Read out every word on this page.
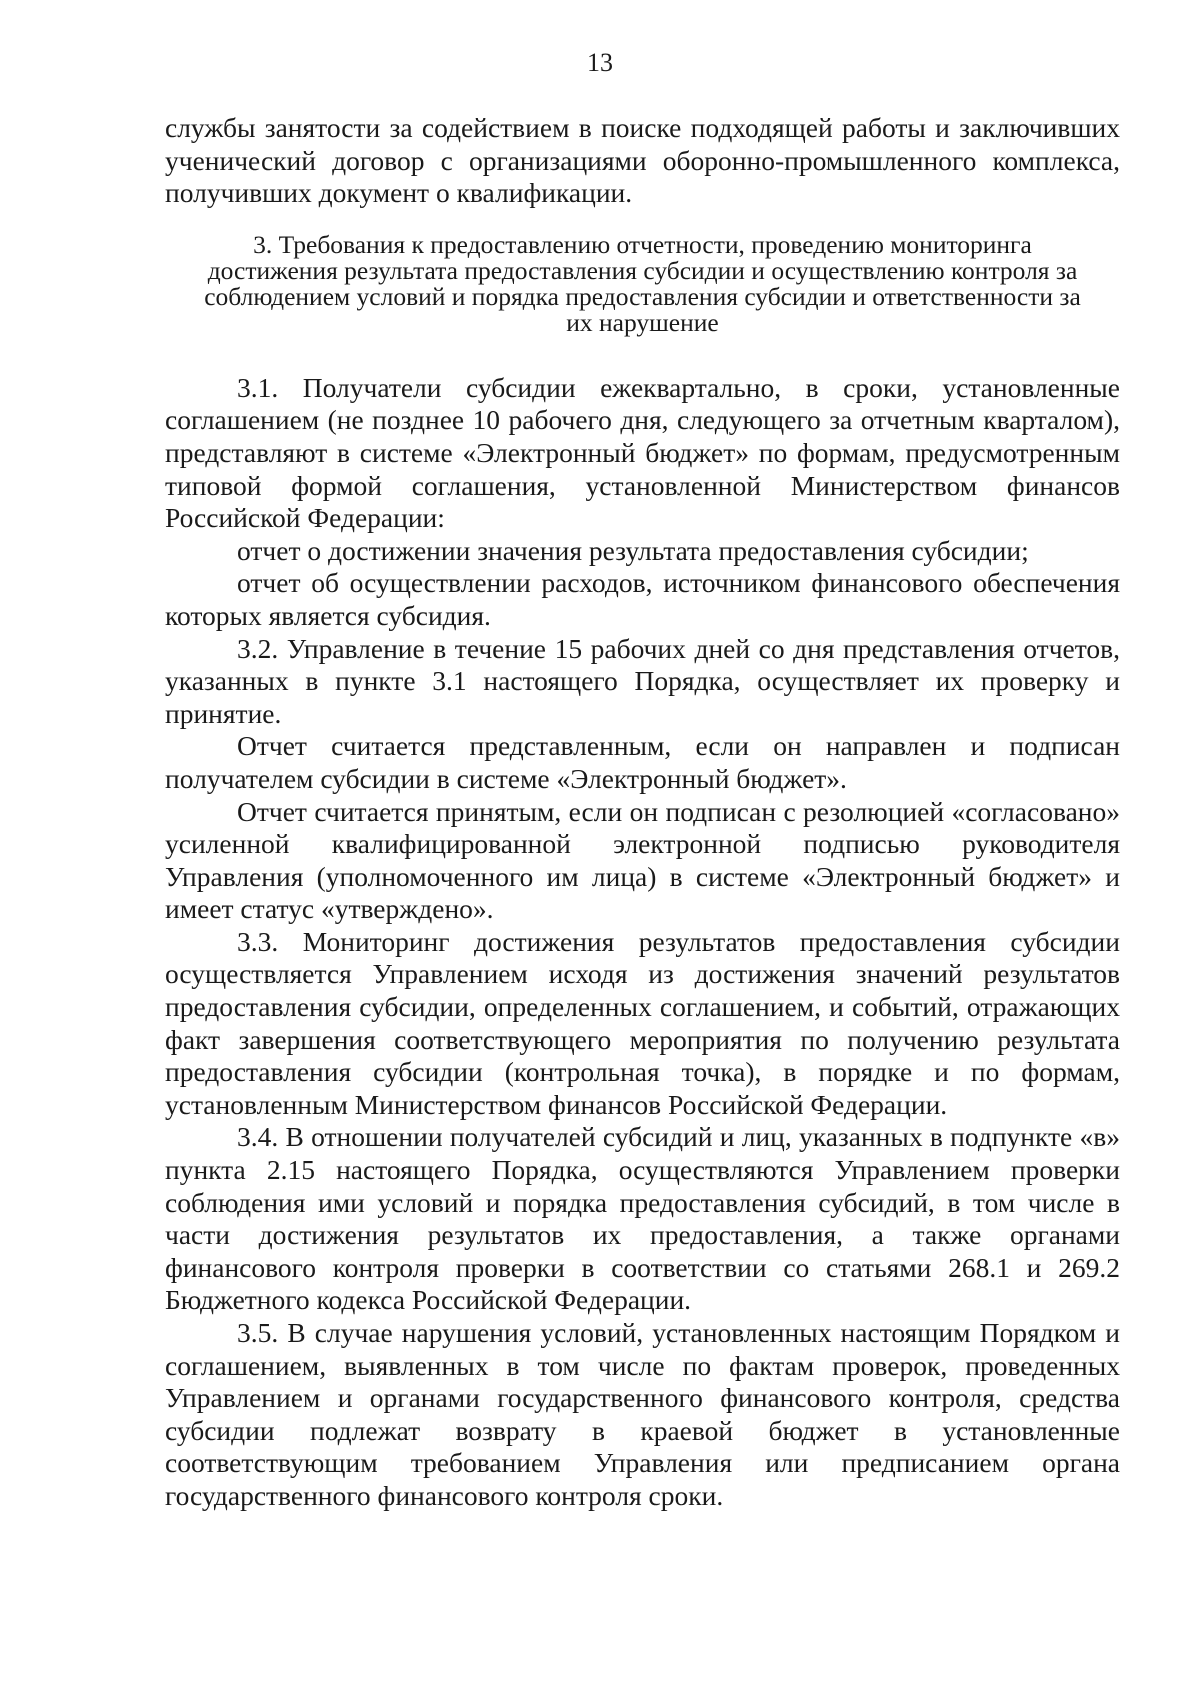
13

службы занятости за содействием в поиске подходящей работы и заключивших ученический договор с организациями оборонно-промышленного комплекса, получивших документ о квалификации.

3. Требования к предоставлению отчетности, проведению мониторинга достижения результата предоставления субсидии и осуществлению контроля за соблюдением условий и порядка предоставления субсидии и ответственности за их нарушение

3.1. Получатели субсидии ежеквартально, в сроки, установленные соглашением (не позднее 10 рабочего дня, следующего за отчетным кварталом), представляют в системе «Электронный бюджет» по формам, предусмотренным типовой формой соглашения, установленной Министерством финансов Российской Федерации:

отчет о достижении значения результата предоставления субсидии;

отчет об осуществлении расходов, источником финансового обеспечения которых является субсидия.

3.2. Управление в течение 15 рабочих дней со дня представления отчетов, указанных в пункте 3.1 настоящего Порядка, осуществляет их проверку и принятие.

Отчет считается представленным, если он направлен и подписан получателем субсидии в системе «Электронный бюджет».

Отчет считается принятым, если он подписан с резолюцией «согласовано» усиленной квалифицированной электронной подписью руководителя Управления (уполномоченного им лица) в системе «Электронный бюджет» и имеет статус «утверждено».

3.3. Мониторинг достижения результатов предоставления субсидии осуществляется Управлением исходя из достижения значений результатов предоставления субсидии, определенных соглашением, и событий, отражающих факт завершения соответствующего мероприятия по получению результата предоставления субсидии (контрольная точка), в порядке и по формам, установленным Министерством финансов Российской Федерации.

3.4. В отношении получателей субсидий и лиц, указанных в подпункте «в» пункта 2.15 настоящего Порядка, осуществляются Управлением проверки соблюдения ими условий и порядка предоставления субсидий, в том числе в части достижения результатов их предоставления, а также органами финансового контроля проверки в соответствии со статьями 268.1 и 269.2 Бюджетного кодекса Российской Федерации.

3.5. В случае нарушения условий, установленных настоящим Порядком и соглашением, выявленных в том числе по фактам проверок, проведенных Управлением и органами государственного финансового контроля, средства субсидии подлежат возврату в краевой бюджет в установленные соответствующим требованием Управления или предписанием органа государственного финансового контроля сроки.
